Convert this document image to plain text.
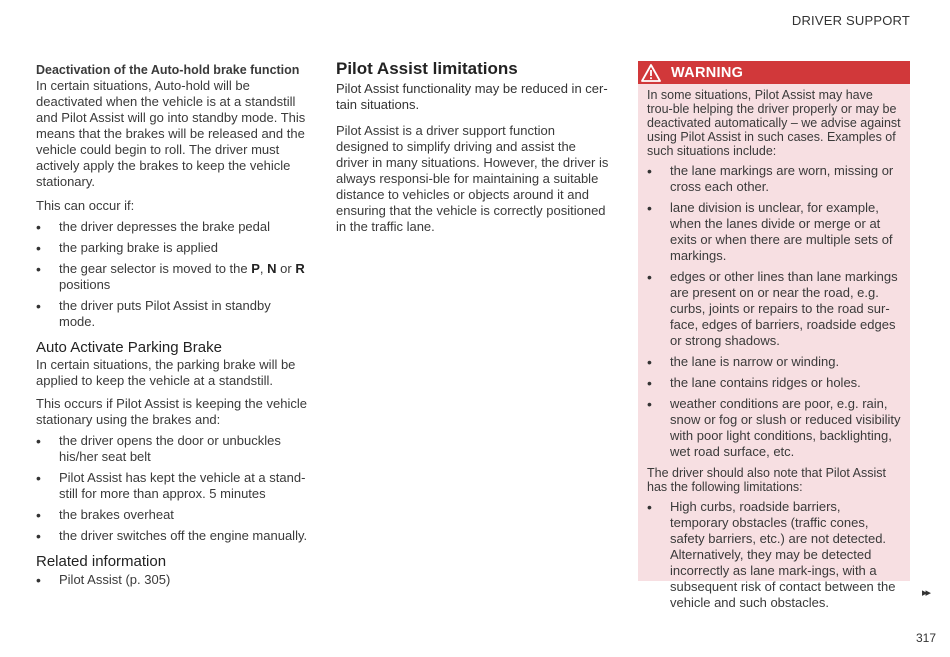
DRIVER SUPPORT

Deactivation of the Auto-hold brake function

In certain situations, Auto-hold will be deactivated when the vehicle is at a standstill and Pilot Assist will go into standby mode. This means that the brakes will be released and the vehicle could begin to roll. The driver must actively apply the brakes to keep the vehicle stationary.

This can occur if:

• the driver depresses the brake pedal
• the parking brake is applied
• the gear selector is moved to the P, N or R positions
• the driver puts Pilot Assist in standby mode.
Auto Activate Parking Brake

In certain situations, the parking brake will be applied to keep the vehicle at a standstill.

This occurs if Pilot Assist is keeping the vehicle stationary using the brakes and:

• the driver opens the door or unbuckles his/her seat belt
• Pilot Assist has kept the vehicle at a stand-still for more than approx. 5 minutes
• the brakes overheat
• the driver switches off the engine manually.
Related information
• Pilot Assist (p. 305)
Pilot Assist limitations

Pilot Assist functionality may be reduced in cer-tain situations.

Pilot Assist is a driver support function designed to simplify driving and assist the driver in many situations. However, the driver is always responsi-ble for maintaining a suitable distance to vehicles or objects around it and ensuring that the vehicle is correctly positioned in the traffic lane.

WARNING

In some situations, Pilot Assist may have trou-ble helping the driver properly or may be deactivated automatically – we advise against using Pilot Assist in such cases. Examples of such situations include:

• the lane markings are worn, missing or cross each other.
• lane division is unclear, for example, when the lanes divide or merge or at exits or when there are multiple sets of markings.
• edges or other lines than lane markings are present on or near the road, e.g. curbs, joints or repairs to the road sur-face, edges of barriers, roadside edges or strong shadows.
• the lane is narrow or winding.
• the lane contains ridges or holes.
• weather conditions are poor, e.g. rain, snow or fog or slush or reduced visibility with poor light conditions, backlighting, wet road surface, etc.

The driver should also note that Pilot Assist has the following limitations:

• High curbs, roadside barriers, temporary obstacles (traffic cones, safety barriers, etc.) are not detected. Alternatively, they may be detected incorrectly as lane mark-ings, with a subsequent risk of contact between the vehicle and such obstacles.
▸▸
317
